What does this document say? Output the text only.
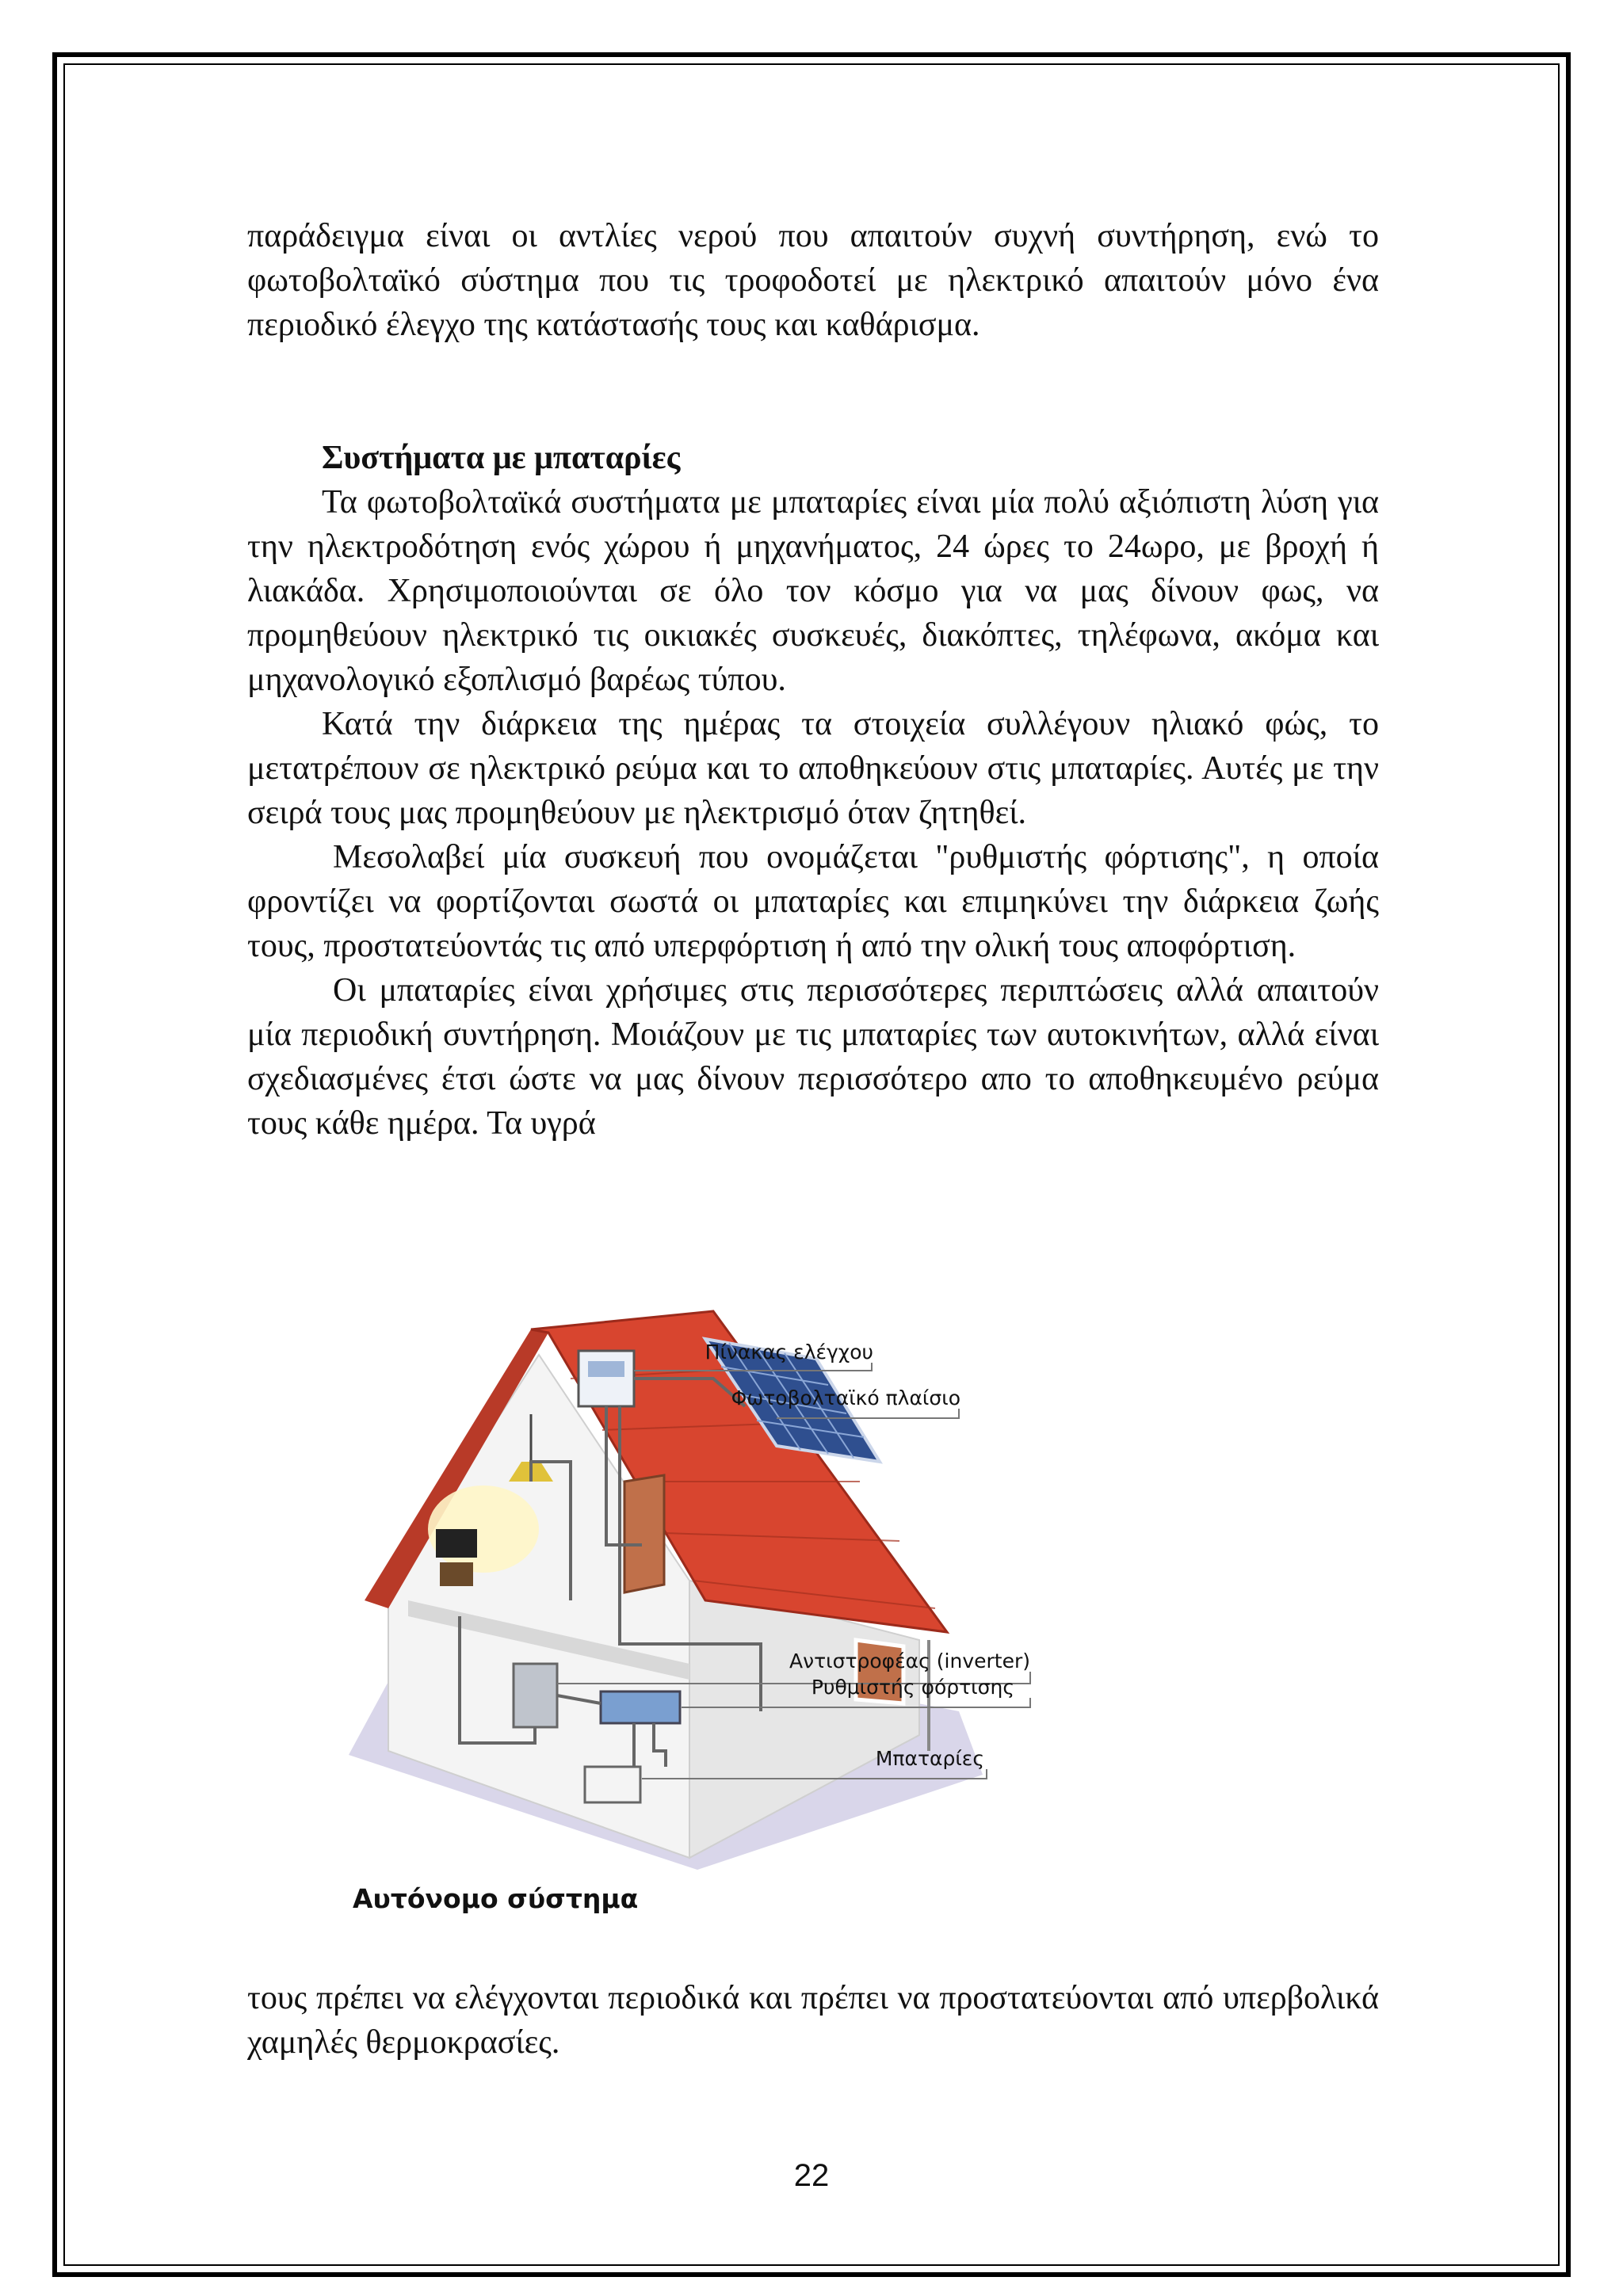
παράδειγμα είναι οι αντλίες νερού που απαιτούν συχνή συντήρηση, ενώ το φωτοβολταϊκό σύστημα που τις τροφοδοτεί με ηλεκτρικό απαιτούν μόνο ένα περιοδικό έλεγχο της κατάστασής τους και καθάρισμα.

Συστήματα με μπαταρίες

Τα φωτοβολταϊκά συστήματα με μπαταρίες είναι μία πολύ αξιόπιστη λύση για την ηλεκτροδότηση ενός χώρου ή μηχανήματος, 24 ώρες το 24ωρο, με βροχή ή λιακάδα. Χρησιμοποιούνται σε όλο τον κόσμο για να μας δίνουν φως, να προμηθεύουν ηλεκτρικό τις οικιακές συσκευές, διακόπτες, τηλέφωνα, ακόμα και μηχανολογικό εξοπλισμό βαρέως τύπου.

Κατά την διάρκεια της ημέρας τα στοιχεία συλλέγουν ηλιακό φώς, το μετατρέπουν σε ηλεκτρικό ρεύμα και το αποθηκεύουν στις μπαταρίες. Αυτές με την σειρά τους μας προμηθεύουν με ηλεκτρισμό όταν ζητηθεί.

Μεσολαβεί μία συσκευή που ονομάζεται "ρυθμιστής φόρτισης", η οποία φροντίζει να φορτίζονται σωστά οι μπαταρίες και επιμηκύνει την διάρκεια ζωής τους, προστατεύοντάς τις από υπερφόρτιση ή από την ολική τους αποφόρτιση.

Οι μπαταρίες είναι χρήσιμες στις περισσότερες περιπτώσεις αλλά απαιτούν μία περιοδική συντήρηση. Μοιάζουν με τις μπαταρίες των αυτοκινήτων, αλλά είναι σχεδιασμένες έτσι ώστε να μας δίνουν περισσότερο απο το αποθηκευμένο ρεύμα τους κάθε ημέρα. Τα υγρά

Πίνακας ελέγχου
Φωτοβολταϊκό πλαίσιο
Αντιστροφέας (inverter)
Ρυθμιστής φόρτισης
Μπαταρίες
Αυτόνομο σύστημα

τους πρέπει να ελέγχονται περιοδικά και πρέπει να προστατεύονται από υπερβολικά χαμηλές θερμοκρασίες.

22
